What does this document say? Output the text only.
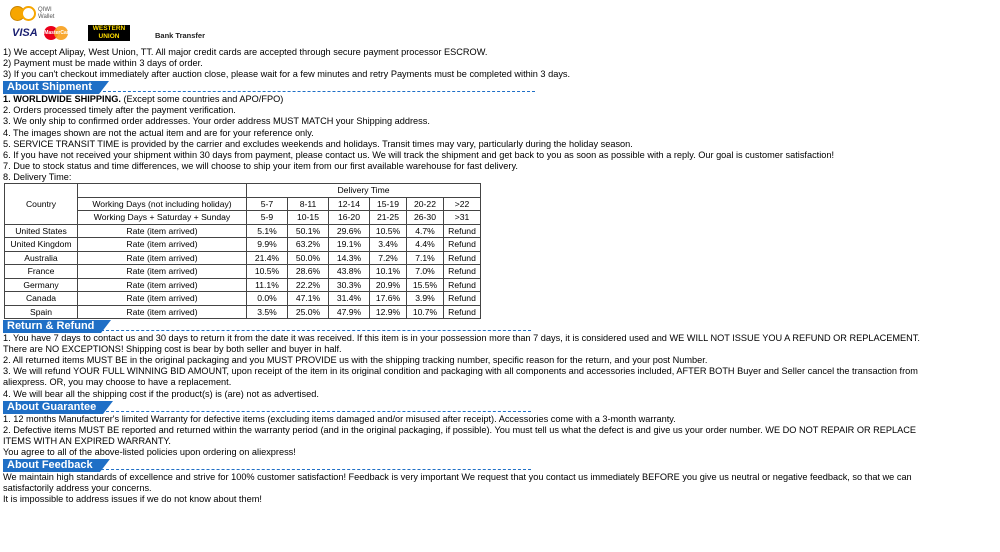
QIWI Wallet
VISA MasterCard
WESTERN UNION	Bank Transfer

1) We accept Alipay, West Union, TT. All major credit cards are accepted through secure payment processor ESCROW.

2) Payment must be made within 3 days of order.

3) If you can't checkout immediately after auction close, please wait for a few minutes and retry Payments must be completed within 3 days.

About Shipment

1. WORLDWIDE SHIPPING. (Except some countries and APO/FPO)

2. Orders processed timely after the payment verification.

3. We only ship to confirmed order addresses. Your order address MUST MATCH your Shipping address.

4. The images shown are not the actual item and are for your reference only.

5. SERVICE TRANSIT TIME is provided by the carrier and excludes weekends and holidays. Transit times may vary, particularly during the holiday season.

6. If you have not received your shipment within 30 days from payment, please contact us. We will track the shipment and get back to you as soon as possible with a reply. Our goal is customer satisfaction!

7. Due to stock status and time differences, we will choose to ship your item from our first available warehouse for fast delivery.

8. Delivery Time:

Country		Delivery Time					
	Working Days (not including holiday)	5-7	8-11	12-14	15-19	20-22	>22
	Working Days + Saturday + Sunday	5-9	10-15	16-20	21-25	26-30	>31
United States	Rate (item arrived)	5.1%	50.1%	29.6%	10.5%	4.7%	Refund
United Kingdom	Rate (item arrived)	9.9%	63.2%	19.1%	3.4%	4.4%	Refund
Australia	Rate (item arrived)	21.4%	50.0%	14.3%	7.2%	7.1%	Refund
France	Rate (item arrived)	10.5%	28.6%	43.8%	10.1%	7.0%	Refund
Germany	Rate (item arrived)	11.1%	22.2%	30.3%	20.9%	15.5%	Refund
Canada	Rate (item arrived)	0.0%	47.1%	31.4%	17.6%	3.9%	Refund
Spain	Rate (item arrived)	3.5%	25.0%	47.9%	12.9%	10.7%	Refund
Return & Refund

1. You have 7 days to contact us and 30 days to return it from the date it was received. If this item is in your possession more than 7 days, it is considered used and WE WILL NOT ISSUE YOU A REFUND OR REPLACEMENT.

There are NO EXCEPTIONS! Shipping cost is bear by both seller and buyer in half.

2. All returned items MUST BE in the original packaging and you MUST PROVIDE us with the shipping tracking number, specific reason for the return, and your post Number.

3. We will refund YOUR FULL WINNING BID AMOUNT, upon receipt of the item in its original condition and packaging with all components and accessories included, AFTER BOTH Buyer and Seller cancel the transaction from

aliexpress. OR, you may choose to have a replacement.

4. We will bear all the shipping cost if the product(s) is (are) not as advertised.

About Guarantee

1. 12 months Manufacturer's limited Warranty for defective items (excluding items damaged and/or misused after receipt). Accessories come with a 3-month warranty.

2. Defective items MUST BE reported and returned within the warranty period (and in the original packaging, if possible). You must tell us what the defect is and give us your order number. WE DO NOT REPAIR OR REPLACE

ITEMS WITH AN EXPIRED WARRANTY.

You agree to all of the above-listed policies upon ordering on aliexpress!

About Feedback

We maintain high standards of excellence and strive for 100% customer satisfaction! Feedback is very important We request that you contact us immediately BEFORE you give us neutral or negative feedback, so that we can

satisfactorily address your concerns.

It is impossible to address issues if we do not know about them!
